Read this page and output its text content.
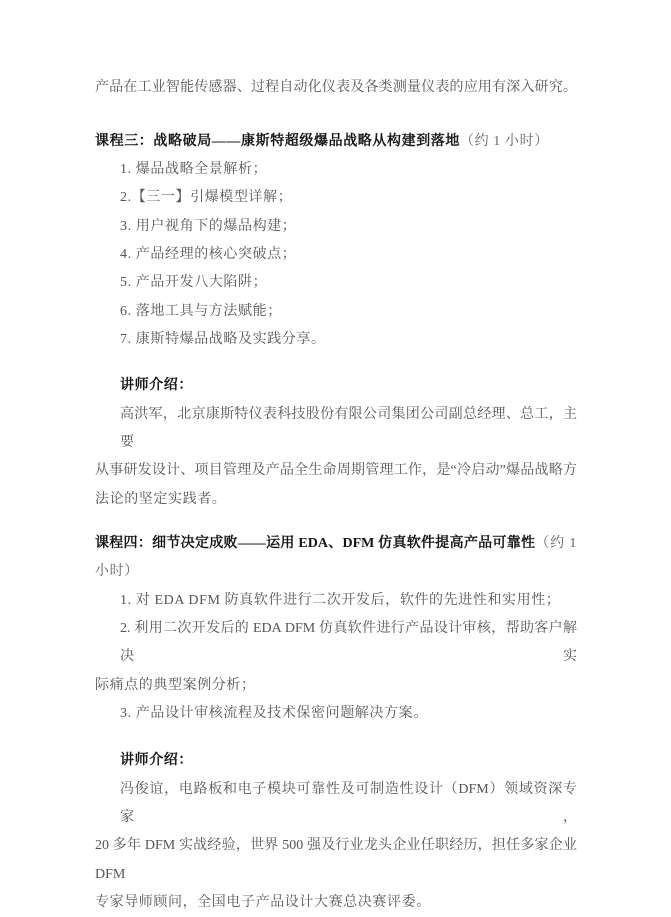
产品在工业智能传感器、过程自动化仪表及各类测量仪表的应用有深入研究。
课程三：战略破局——康斯特超级爆品战略从构建到落地（约 1 小时）
1. 爆品战略全景解析；
2.【三一】引爆模型详解；
3. 用户视角下的爆品构建；
4. 产品经理的核心突破点；
5. 产品开发八大陷阱；
6. 落地工具与方法赋能；
7. 康斯特爆品战略及实践分享。
讲师介绍：
高洪军，北京康斯特仪表科技股份有限公司集团公司副总经理、总工，主要
从事研发设计、项目管理及产品全生命周期管理工作，是“冷启动”爆品战略方
法论的坚定实践者。
课程四：细节决定成败——运用 EDA、DFM 仿真软件提高产品可靠性（约 1
小时）
1. 对 EDA DFM 防真软件进行二次开发后，软件的先进性和实用性；
2. 利用二次开发后的 EDA DFM 仿真软件进行产品设计审核，帮助客户解决实
际痛点的典型案例分析；
3. 产品设计审核流程及技术保密问题解决方案。
讲师介绍：
冯俊谊，电路板和电子模块可靠性及可制造性设计（DFM）领域资深专家，
20 多年 DFM 实战经验，世界 500 强及行业龙头企业任职经历，担任多家企业 DFM
专家导师顾问，全国电子产品设计大赛总决赛评委。
